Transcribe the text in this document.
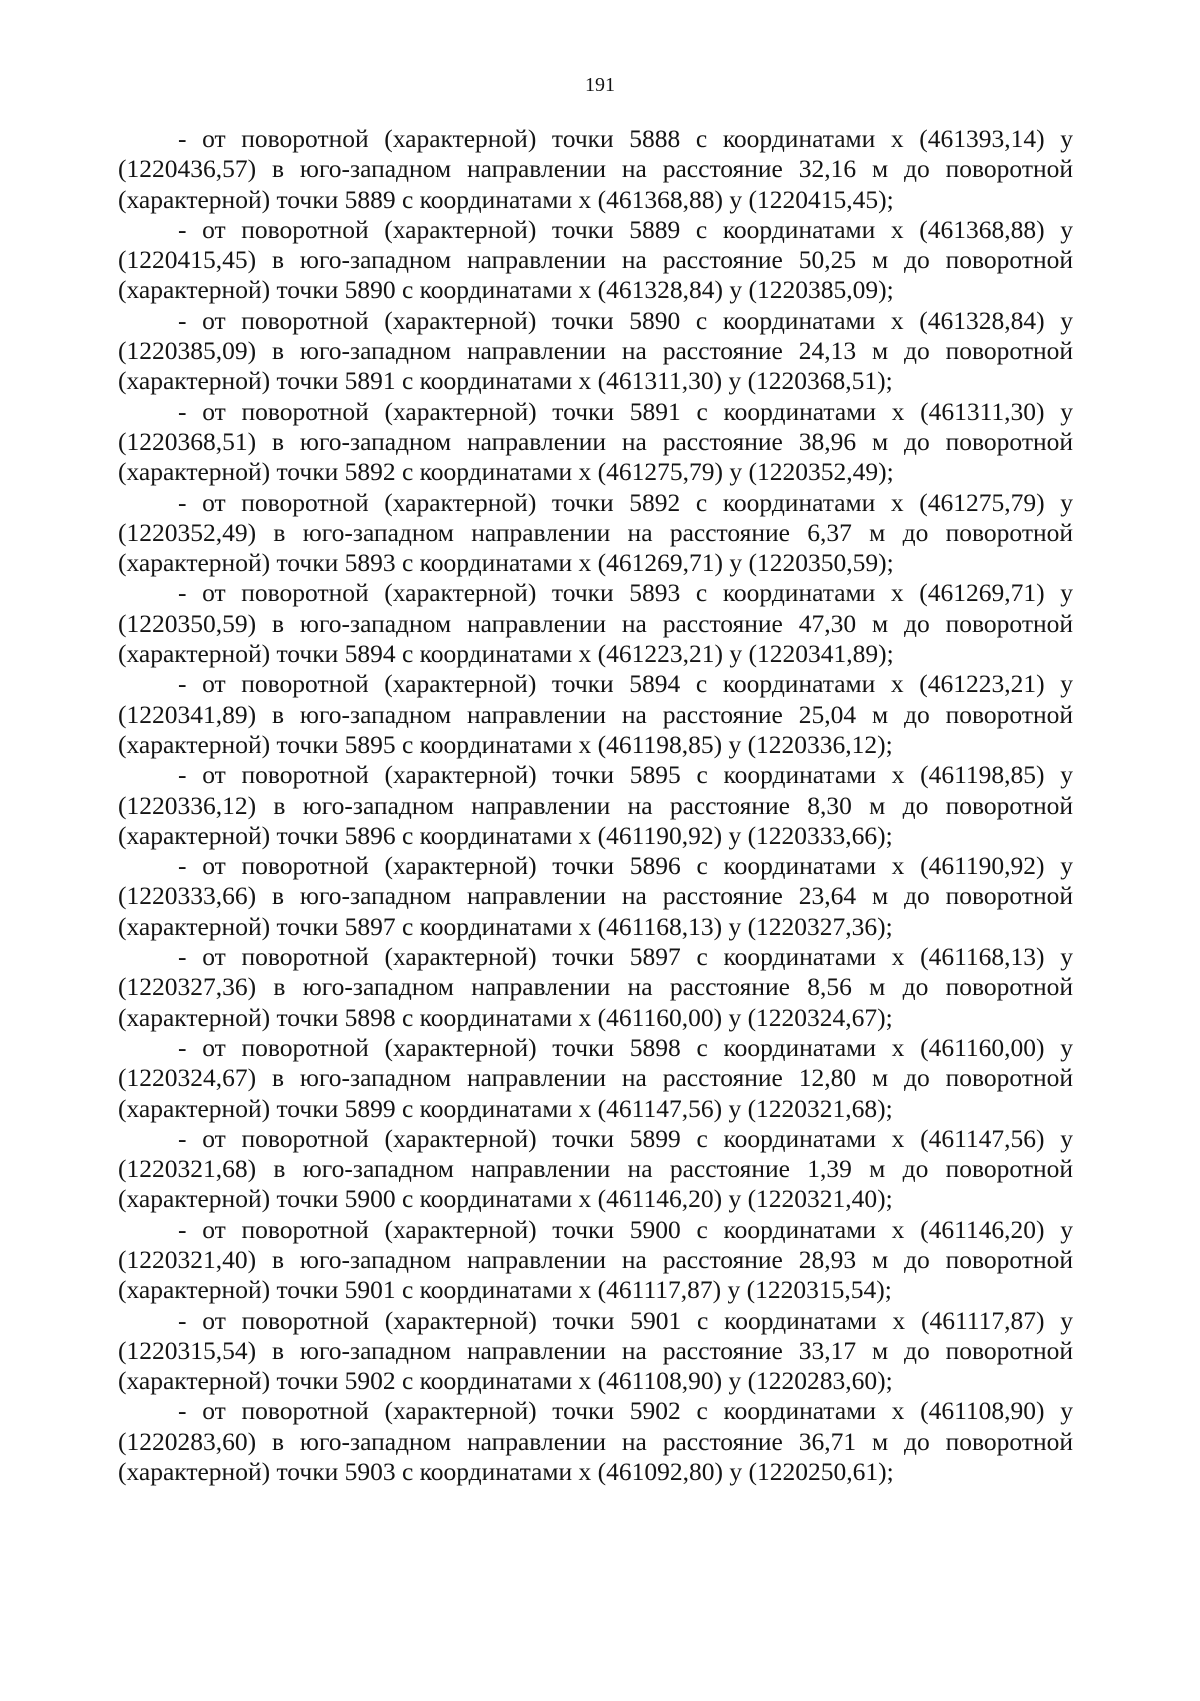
191

- от поворотной (характерной) точки 5888 с координатами x (461393,14) y (1220436,57) в юго-западном направлении на расстояние 32,16 м до поворотной (характерной) точки 5889 с координатами x (461368,88) y (1220415,45);

- от поворотной (характерной) точки 5889 с координатами x (461368,88) y (1220415,45) в юго-западном направлении на расстояние 50,25 м до поворотной (характерной) точки 5890 с координатами x (461328,84) y (1220385,09);

- от поворотной (характерной) точки 5890 с координатами x (461328,84) y (1220385,09) в юго-западном направлении на расстояние 24,13 м до поворотной (характерной) точки 5891 с координатами x (461311,30) y (1220368,51);

- от поворотной (характерной) точки 5891 с координатами x (461311,30) y (1220368,51) в юго-западном направлении на расстояние 38,96 м до поворотной (характерной) точки 5892 с координатами x (461275,79) y (1220352,49);

- от поворотной (характерной) точки 5892 с координатами x (461275,79) y (1220352,49) в юго-западном направлении на расстояние 6,37 м до поворотной (характерной) точки 5893 с координатами x (461269,71) y (1220350,59);

- от поворотной (характерной) точки 5893 с координатами x (461269,71) y (1220350,59) в юго-западном направлении на расстояние 47,30 м до поворотной (характерной) точки 5894 с координатами x (461223,21) y (1220341,89);

- от поворотной (характерной) точки 5894 с координатами x (461223,21) y (1220341,89) в юго-западном направлении на расстояние 25,04 м до поворотной (характерной) точки 5895 с координатами x (461198,85) y (1220336,12);

- от поворотной (характерной) точки 5895 с координатами x (461198,85) y (1220336,12) в юго-западном направлении на расстояние 8,30 м до поворотной (характерной) точки 5896 с координатами x (461190,92) y (1220333,66);

- от поворотной (характерной) точки 5896 с координатами x (461190,92) y (1220333,66) в юго-западном направлении на расстояние 23,64 м до поворотной (характерной) точки 5897 с координатами x (461168,13) y (1220327,36);

- от поворотной (характерной) точки 5897 с координатами x (461168,13) y (1220327,36) в юго-западном направлении на расстояние 8,56 м до поворотной (характерной) точки 5898 с координатами x (461160,00) y (1220324,67);

- от поворотной (характерной) точки 5898 с координатами x (461160,00) y (1220324,67) в юго-западном направлении на расстояние 12,80 м до поворотной (характерной) точки 5899 с координатами x (461147,56) y (1220321,68);

- от поворотной (характерной) точки 5899 с координатами x (461147,56) y (1220321,68) в юго-западном направлении на расстояние 1,39 м до поворотной (характерной) точки 5900 с координатами x (461146,20) y (1220321,40);

- от поворотной (характерной) точки 5900 с координатами x (461146,20) y (1220321,40) в юго-западном направлении на расстояние 28,93 м до поворотной (характерной) точки 5901 с координатами x (461117,87) y (1220315,54);

- от поворотной (характерной) точки 5901 с координатами x (461117,87) y (1220315,54) в юго-западном направлении на расстояние 33,17 м до поворотной (характерной) точки 5902 с координатами x (461108,90) y (1220283,60);

- от поворотной (характерной) точки 5902 с координатами x (461108,90) y (1220283,60) в юго-западном направлении на расстояние 36,71 м до поворотной (характерной) точки 5903 с координатами x (461092,80) y (1220250,61);
